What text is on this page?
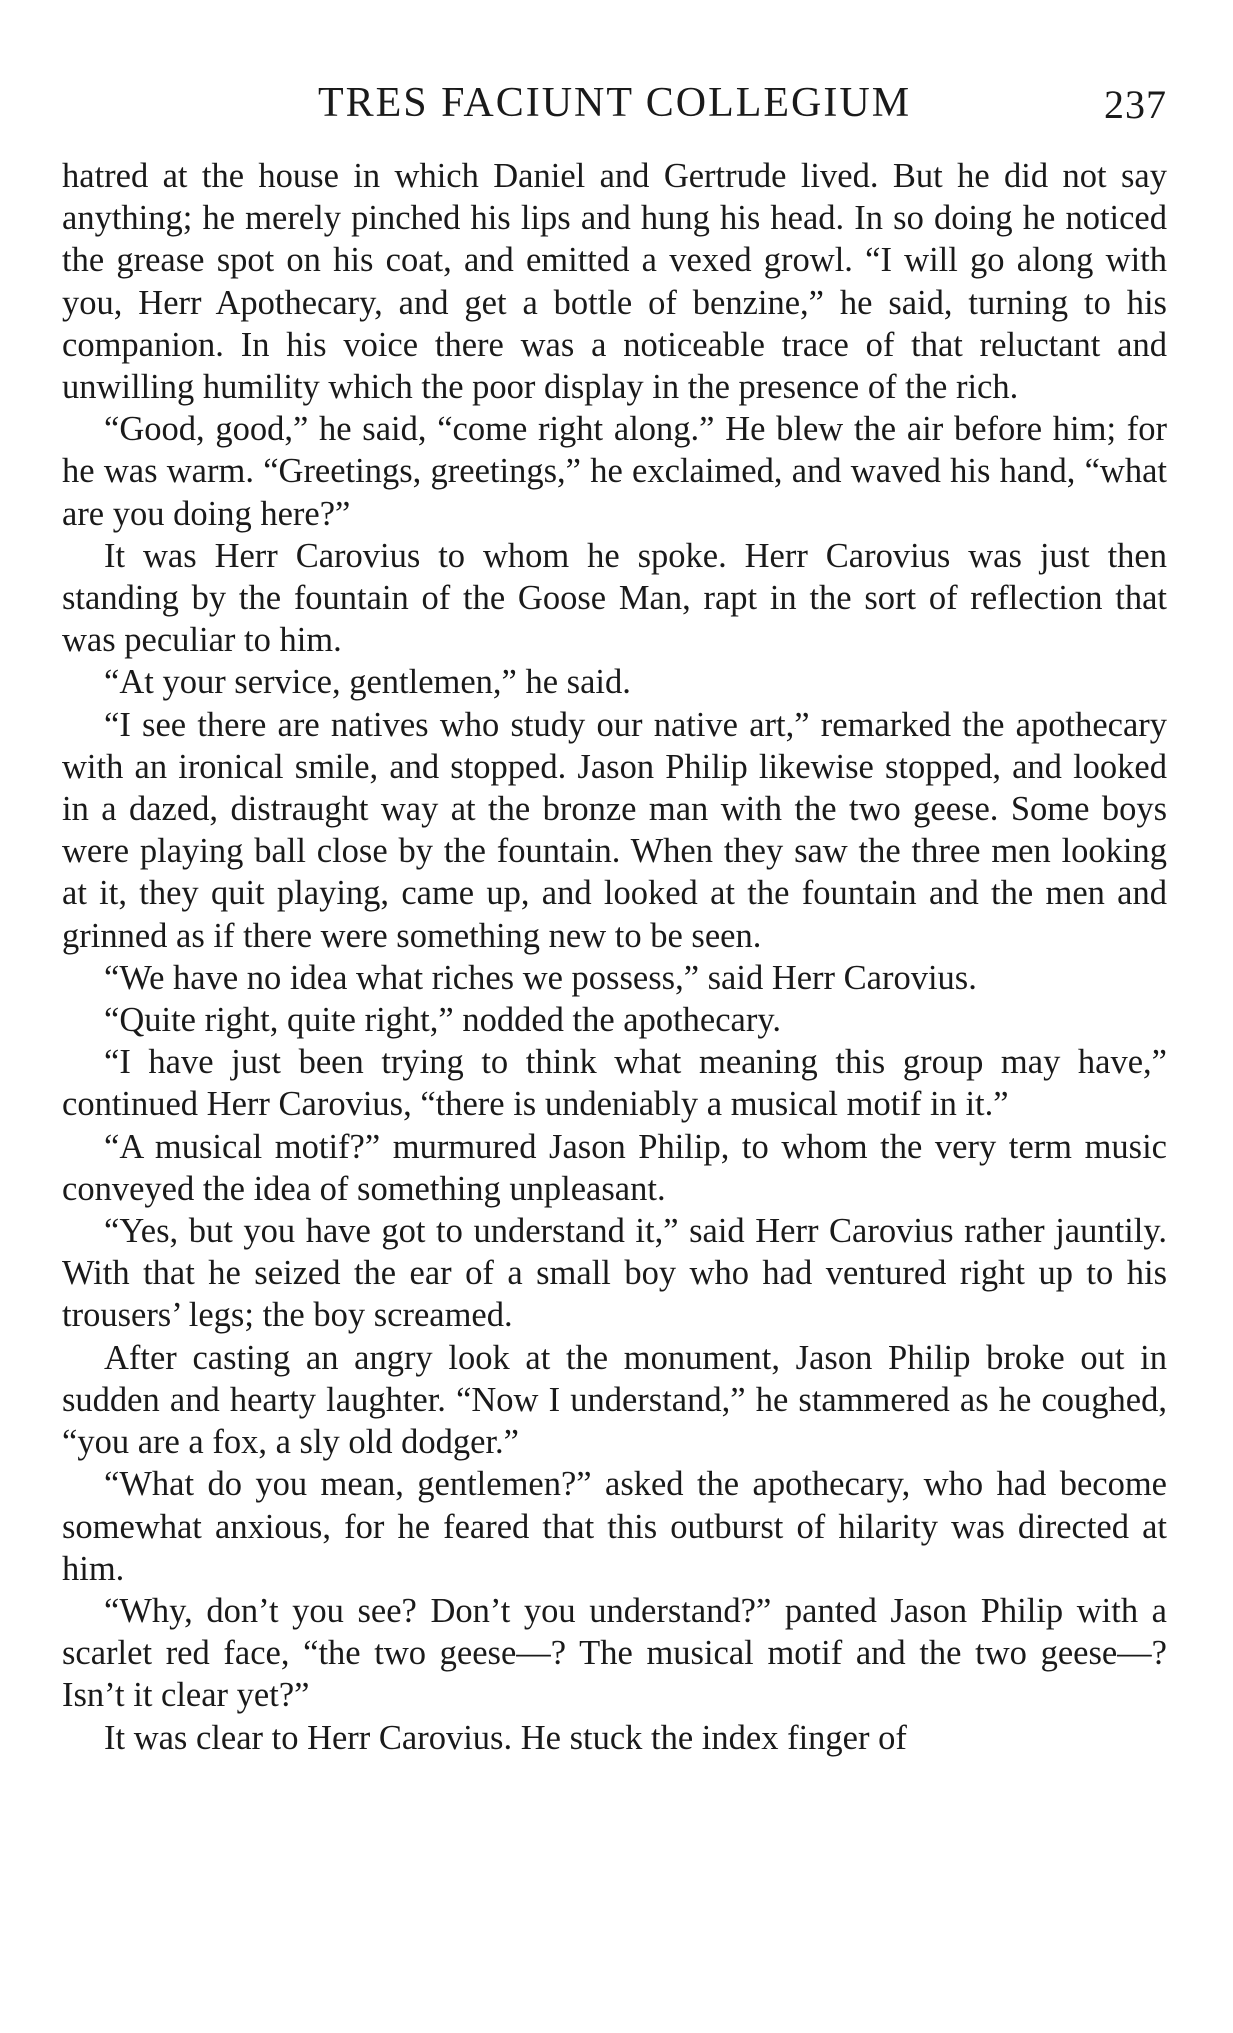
TRES FACIUNT COLLEGIUM	237

hatred at the house in which Daniel and Gertrude lived. But he did not say anything; he merely pinched his lips and hung his head. In so doing he noticed the grease spot on his coat, and emitted a vexed growl. “I will go along with you, Herr Apothecary, and get a bottle of benzine,” he said, turning to his companion. In his voice there was a noticeable trace of that reluctant and unwilling humility which the poor display in the presence of the rich.

“Good, good,” he said, “come right along.” He blew the air before him; for he was warm. “Greetings, greetings,” he exclaimed, and waved his hand, “what are you doing here?”

It was Herr Carovius to whom he spoke. Herr Carovius was just then standing by the fountain of the Goose Man, rapt in the sort of reflection that was peculiar to him.

“At your service, gentlemen,” he said.

“I see there are natives who study our native art,” remarked the apothecary with an ironical smile, and stopped. Jason Philip likewise stopped, and looked in a dazed, distraught way at the bronze man with the two geese. Some boys were playing ball close by the fountain. When they saw the three men looking at it, they quit playing, came up, and looked at the fountain and the men and grinned as if there were something new to be seen.

“We have no idea what riches we possess,” said Herr Carovius.

“Quite right, quite right,” nodded the apothecary.

“I have just been trying to think what meaning this group may have,” continued Herr Carovius, “there is undeniably a musical motif in it.”

“A musical motif?” murmured Jason Philip, to whom the very term music conveyed the idea of something unpleasant.

“Yes, but you have got to understand it,” said Herr Carovius rather jauntily. With that he seized the ear of a small boy who had ventured right up to his trousers’ legs; the boy screamed.

After casting an angry look at the monument, Jason Philip broke out in sudden and hearty laughter. “Now I understand,” he stammered as he coughed, “you are a fox, a sly old dodger.”

“What do you mean, gentlemen?” asked the apothecary, who had become somewhat anxious, for he feared that this outburst of hilarity was directed at him.

“Why, don’t you see? Don’t you understand?” panted Jason Philip with a scarlet red face, “the two geese—? The musical motif and the two geese—? Isn’t it clear yet?”

It was clear to Herr Carovius. He stuck the index finger of
